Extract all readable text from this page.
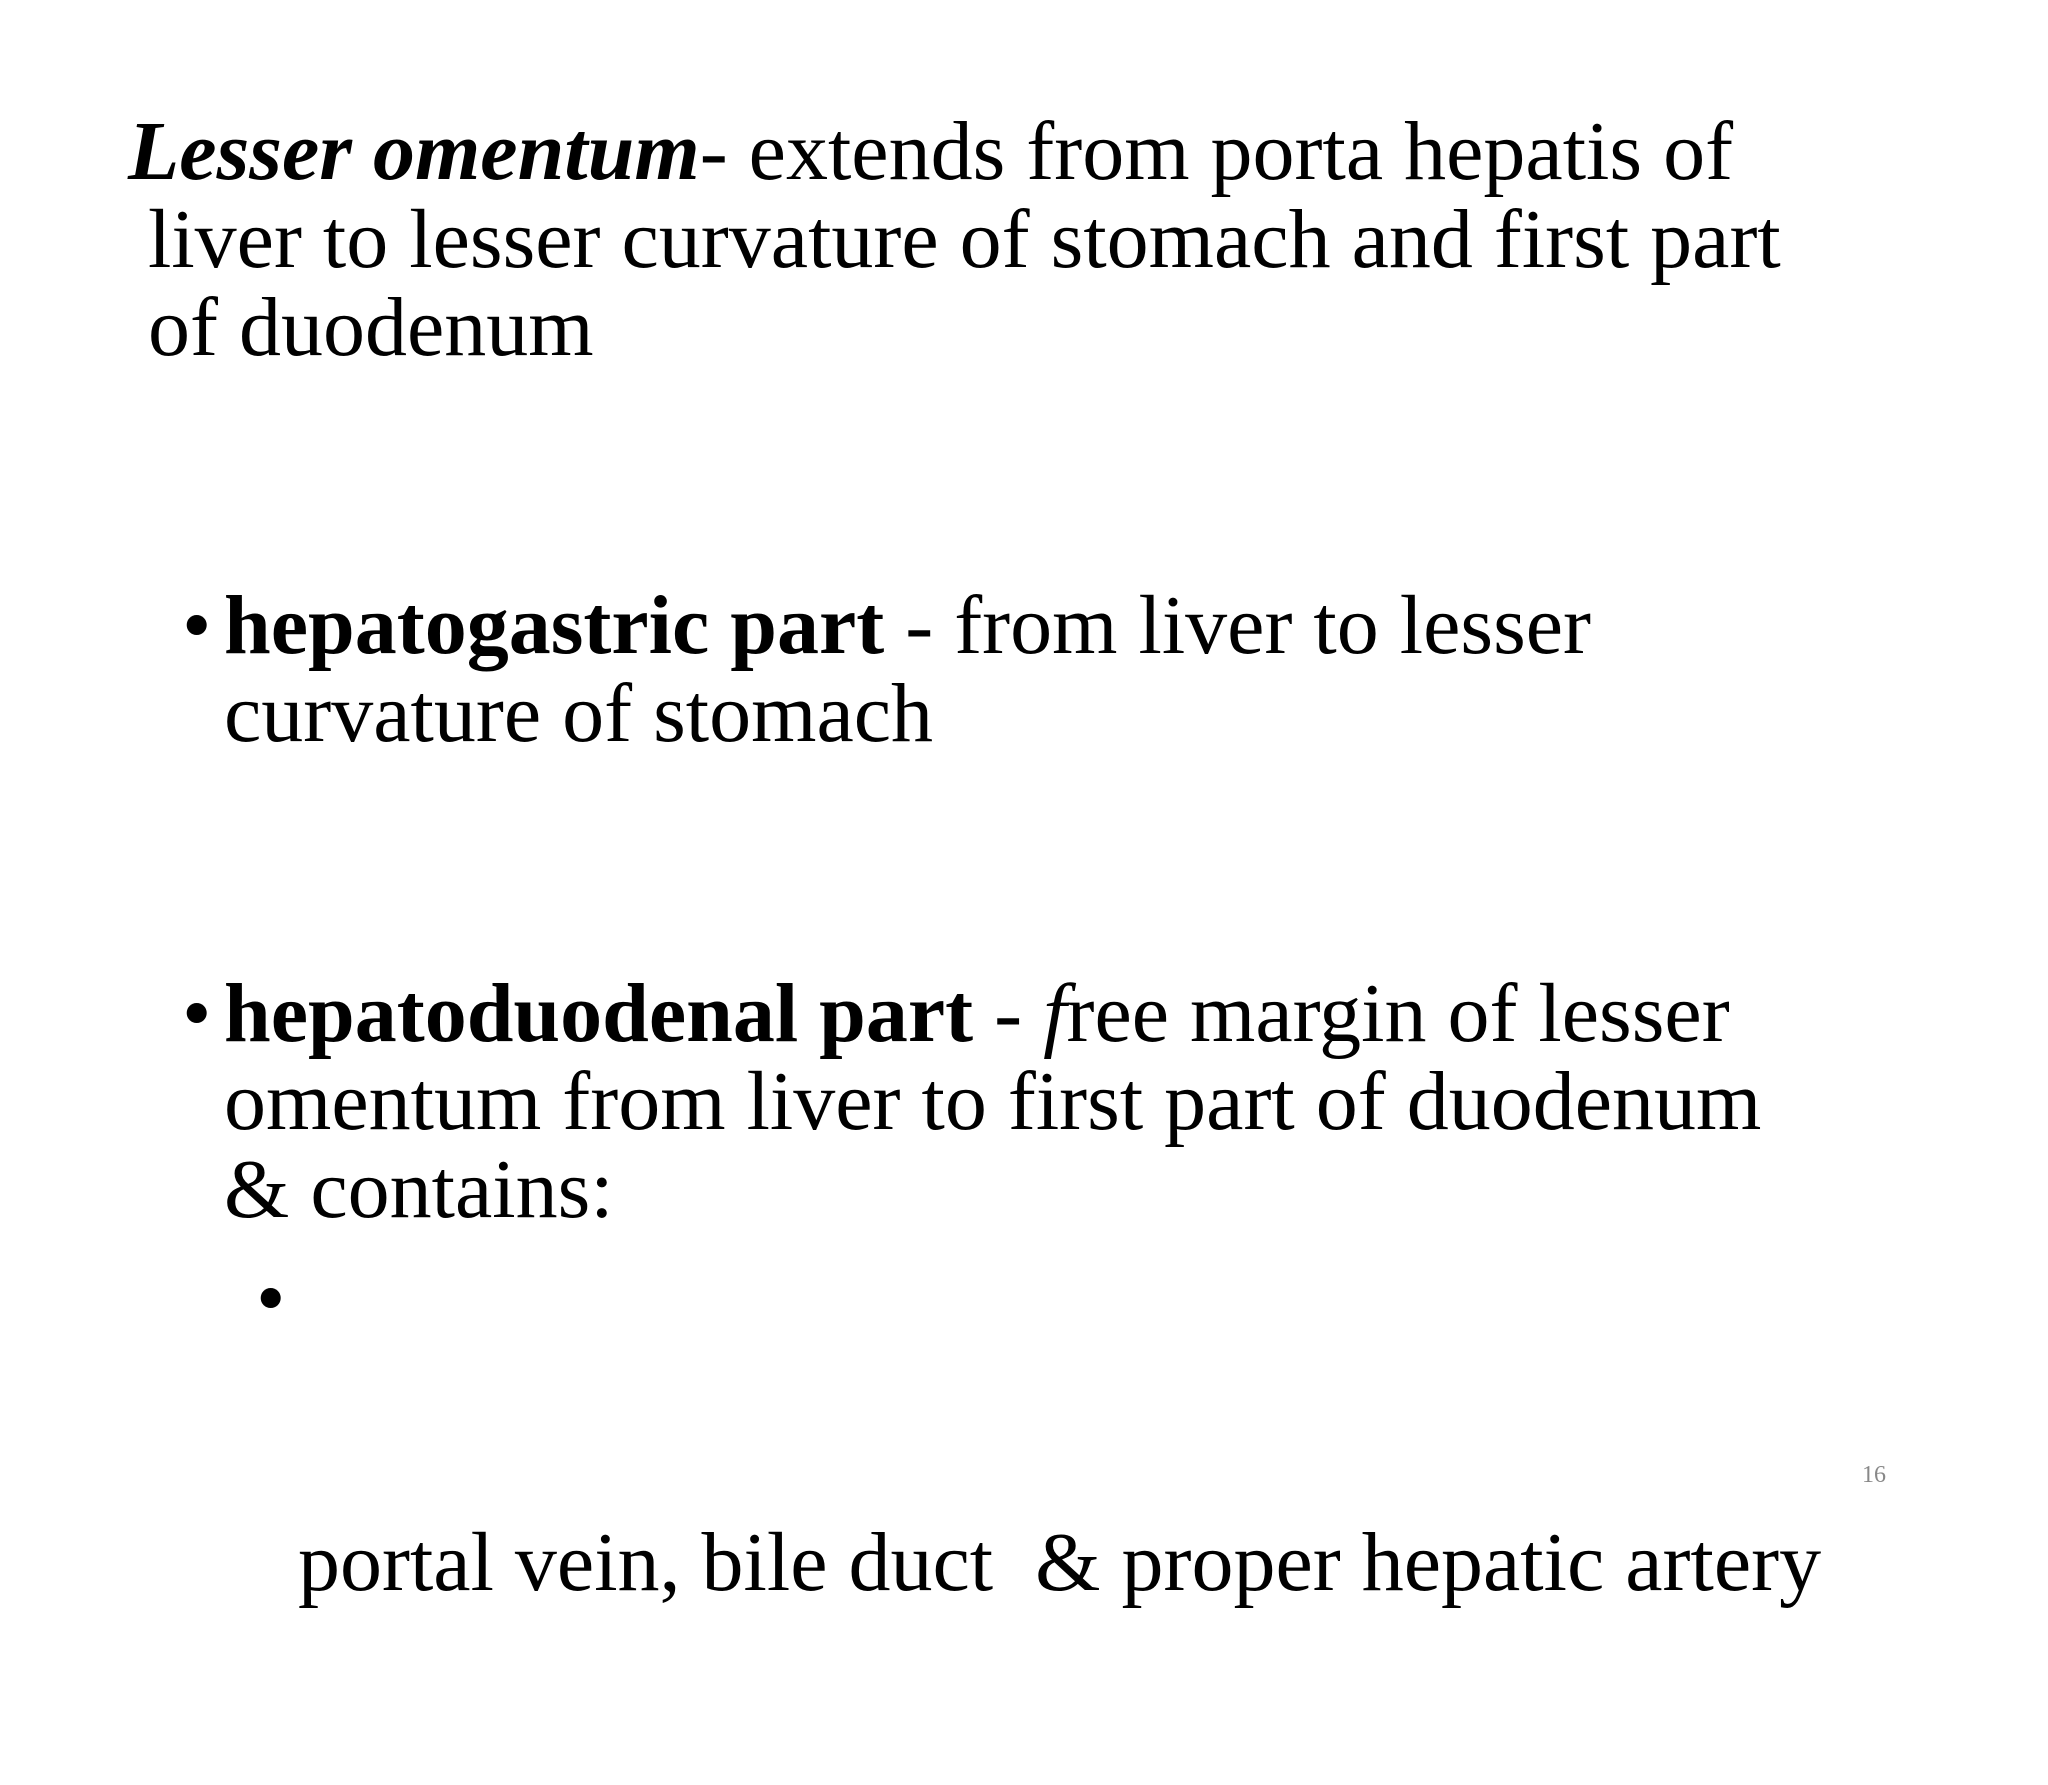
Lesser omentum- extends from porta hepatis of
liver to lesser curvature of stomach and first part
of duodenum

• hepatogastric part - from liver to lesser
curvature of stomach
• hepatoduodenal part - free margin of lesser
omentum from liver to first part of duodenum
& contains:

•

portal vein, bile duct  & proper hepatic artery

16
